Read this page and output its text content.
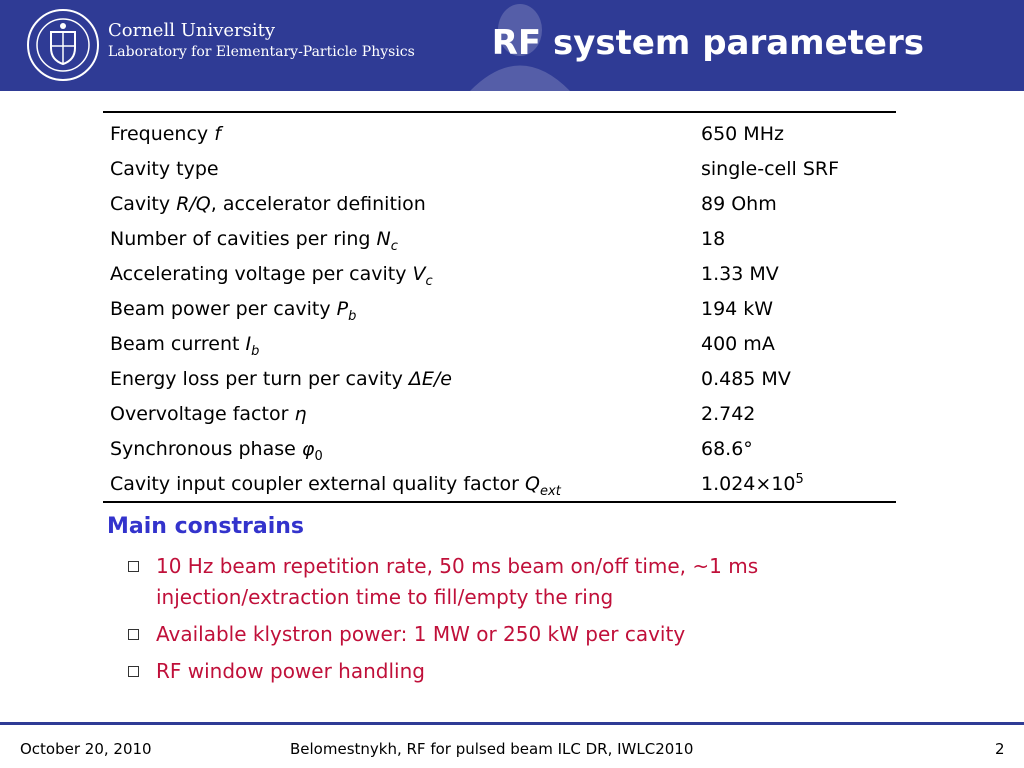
Cornell University
Laboratory for Elementary-Particle Physics RF system parameters
Frequency f	650 MHz
Cavity type	single-cell SRF
Cavity R/Q, accelerator definition	89 Ohm
Number of cavities per ring $N_c$	18
Accelerating voltage per cavity $V_c$	1.33 MV
Beam power per cavity $P_b$	194 kW
Beam current $I_b$	400 mA
Energy loss per turn per cavity ΔE/e	0.485 MV
Overvoltage factor η	2.742
Synchronous phase $\varphi_0$	68.6°
Cavity input coupler external quality factor $Q_{ext}$	$1.024\times 10^5$
Main constrains
10 Hz beam repetition rate, 50 ms beam on/off time, ~1 ms injection/extraction time to fill/empty the ring
Available klystron power: 1 MW or 250 kW per cavity
RF window power handling
October 20, 2010	Belomestnykh, RF for pulsed beam ILC DR, IWLC2010	2
